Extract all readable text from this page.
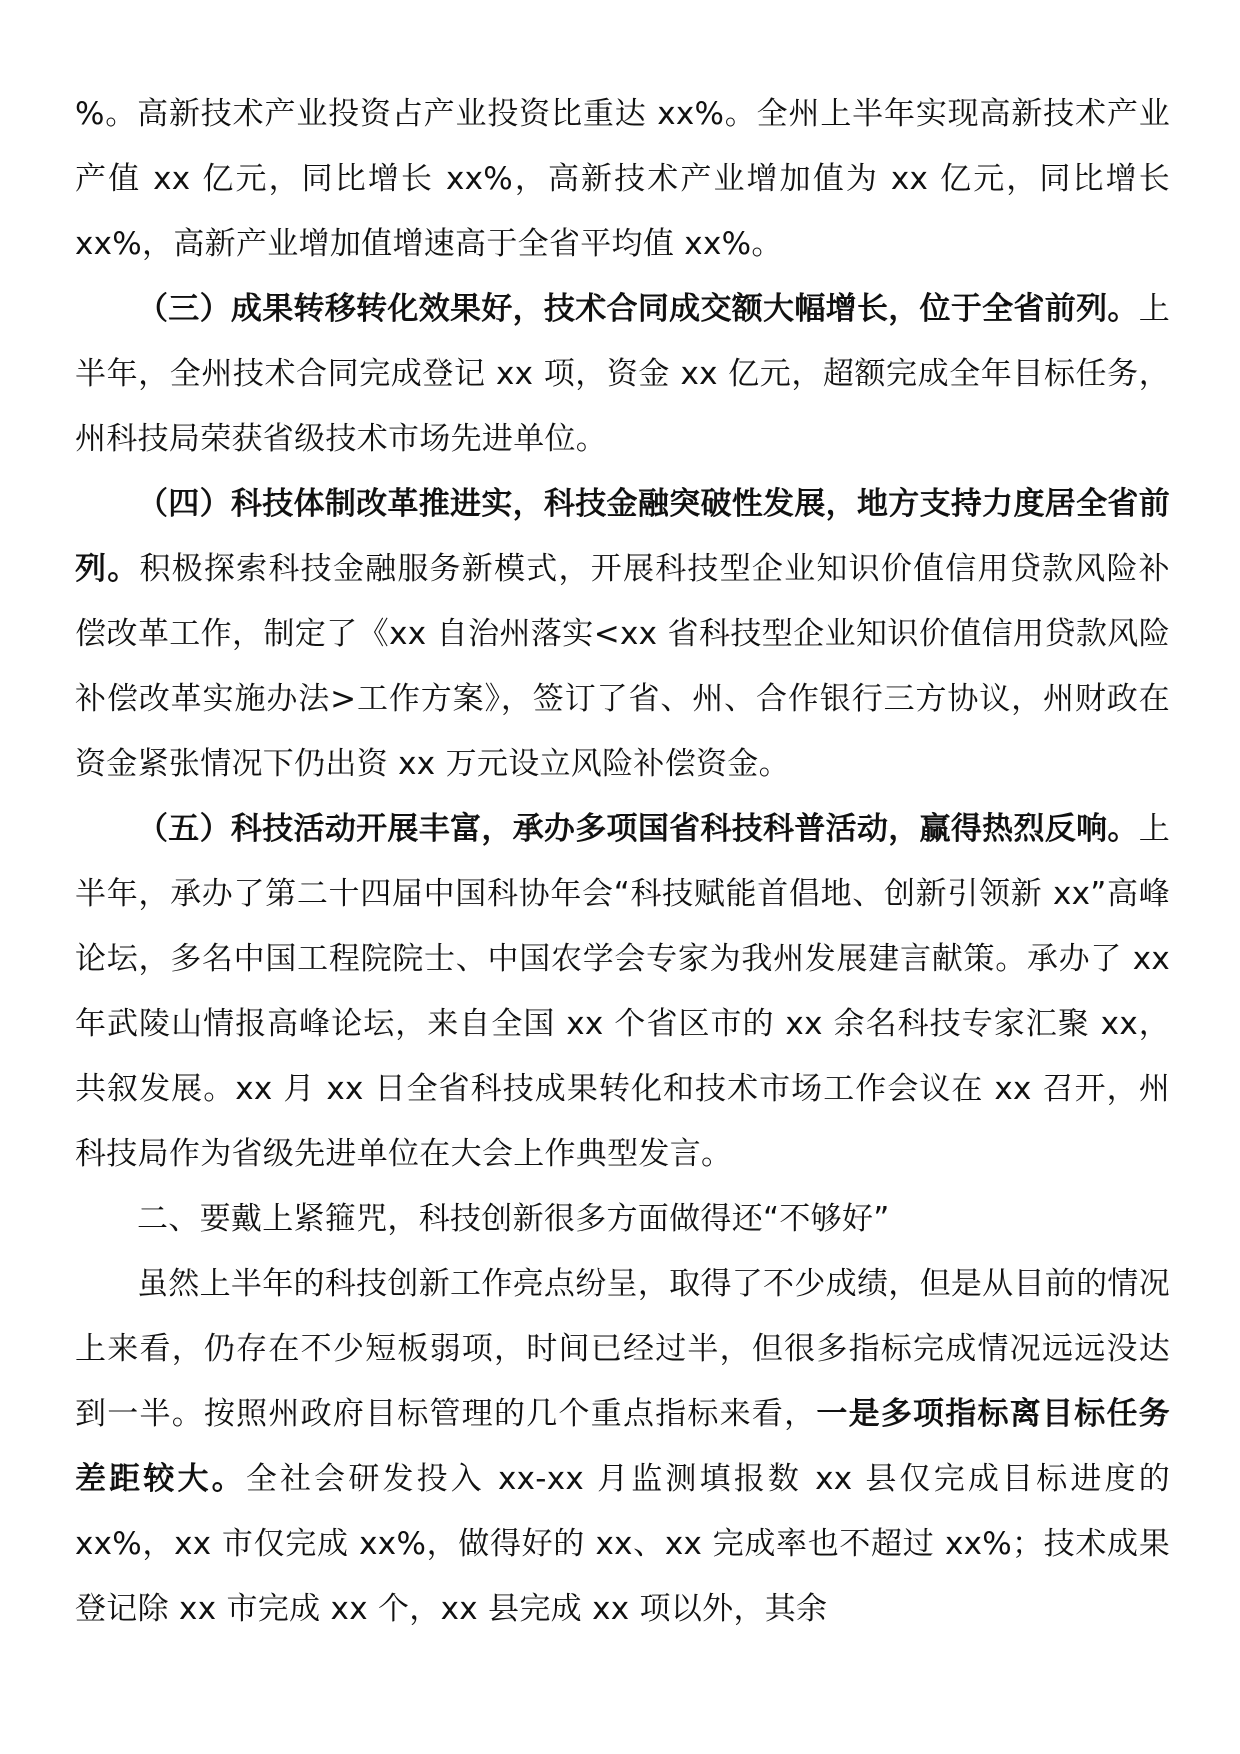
%。高新技术产业投资占产业投资比重达 xx%。全州上半年实现高新技术产业产值 xx 亿元，同比增长 xx%，高新技术产业增加值为 xx 亿元，同比增长 xx%，高新产业增加值增速高于全省平均值 xx%。

（三）成果转移转化效果好，技术合同成交额大幅增长，位于全省前列。上半年，全州技术合同完成登记 xx 项，资金 xx 亿元，超额完成全年目标任务，州科技局荣获省级技术市场先进单位。

（四）科技体制改革推进实，科技金融突破性发展，地方支持力度居全省前列。积极探索科技金融服务新模式，开展科技型企业知识价值信用贷款风险补偿改革工作，制定了《xx 自治州落实<xx 省科技型企业知识价值信用贷款风险补偿改革实施办法>工作方案》，签订了省、州、合作银行三方协议，州财政在资金紧张情况下仍出资 xx 万元设立风险补偿资金。

（五）科技活动开展丰富，承办多项国省科技科普活动，赢得热烈反响。上半年，承办了第二十四届中国科协年会“科技赋能首倡地、创新引领新 xx”高峰论坛，多名中国工程院院士、中国农学会专家为我州发展建言献策。承办了 xx 年武陵山情报高峰论坛，来自全国 xx 个省区市的 xx 余名科技专家汇聚 xx，共叙发展。xx 月 xx 日全省科技成果转化和技术市场工作会议在 xx 召开，州科技局作为省级先进单位在大会上作典型发言。

二、要戴上紧箍咒，科技创新很多方面做得还“不够好”

虽然上半年的科技创新工作亮点纷呈，取得了不少成绩，但是从目前的情况上来看，仍存在不少短板弱项，时间已经过半，但很多指标完成情况远远没达到一半。按照州政府目标管理的几个重点指标来看，一是多项指标离目标任务差距较大。全社会研发投入 xx-xx 月监测填报数 xx 县仅完成目标进度的 xx%，xx 市仅完成 xx%，做得好的 xx、xx 完成率也不超过 xx%；技术成果登记除 xx 市完成 xx 个，xx 县完成 xx 项以外，其余
